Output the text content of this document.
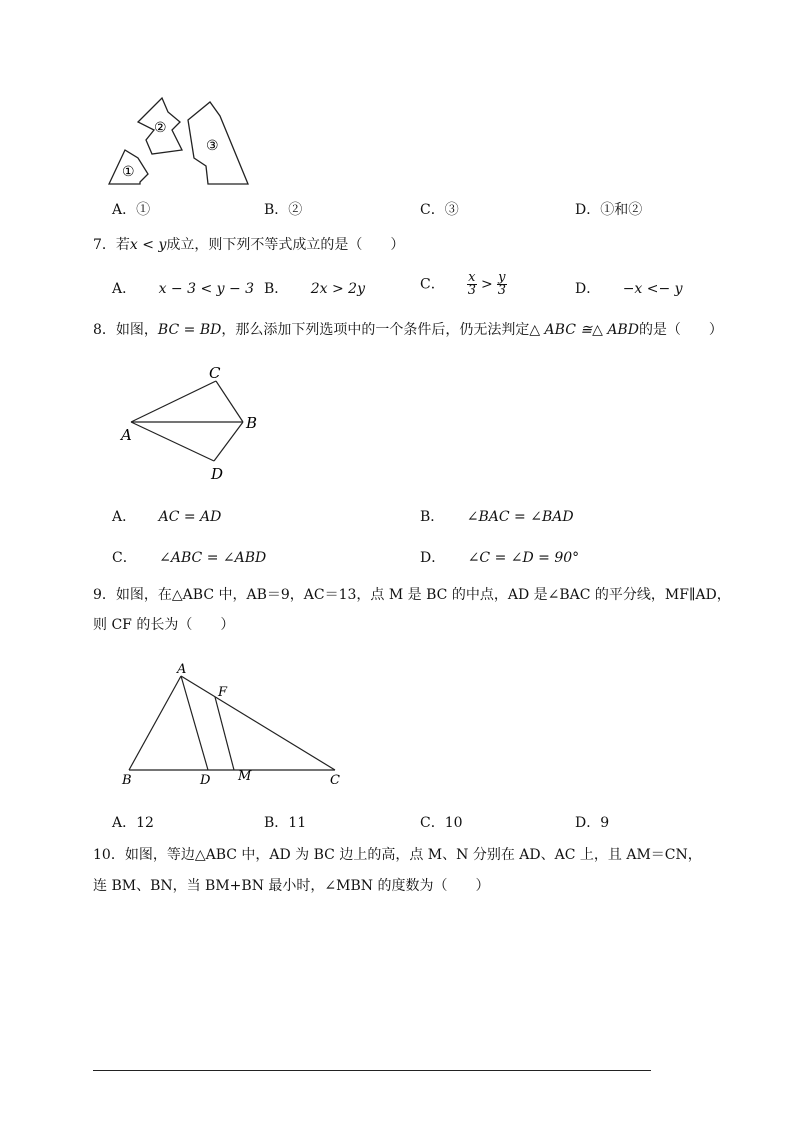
①
②
③
A．①	B．②	C．③	D．①和②
7．若x < y成立，则下列不等式成立的是（　　）
A． x − 3 < y − 3 B． 2x > 2y	C． $\frac{x}{3} > \frac{y}{3}$	D． −x <− y
8．如图，BC = BD，那么添加下列选项中的一个条件后，仍无法判定△ ABC ≅△ ABD的是（　　）
C
A
B
D
A． AC = AD	B． ∠BAC = ∠BAD
C． ∠ABC = ∠ABD	D． ∠C = ∠D = 90°
9．如图，在△ABC 中，AB＝9，AC＝13，点 M 是 BC 的中点，AD 是∠BAC 的平分线，MF∥AD，
则 CF 的长为（　　）
A
F
B	D M	C
A．12	B．11	C．10	D．9
10．如图，等边△ABC 中，AD 为 BC 边上的高，点 M、N 分别在 AD、AC 上，且 AM＝CN，
连 BM、BN，当 BM+BN 最小时，∠MBN 的度数为（　　）
